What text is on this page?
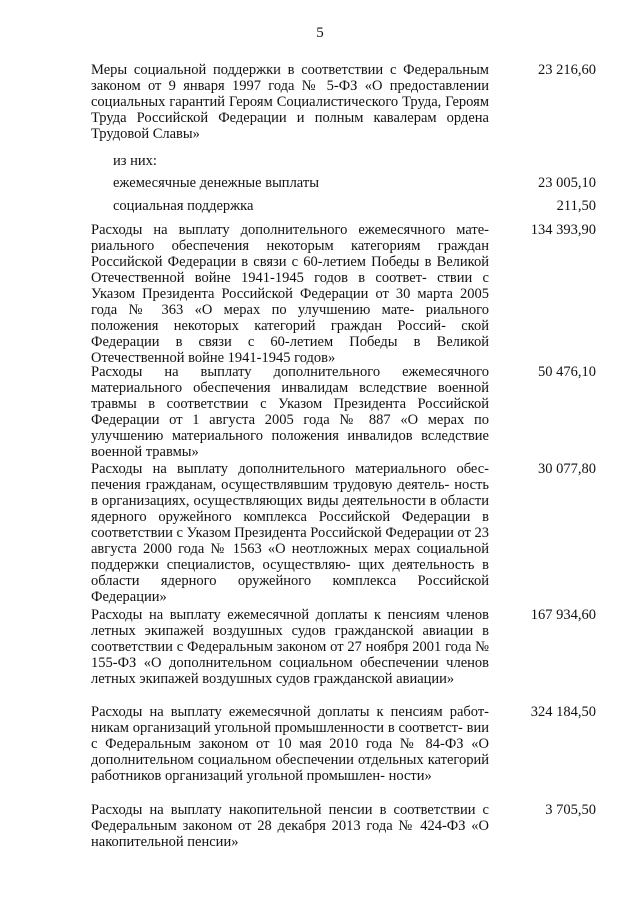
5
Меры социальной поддержки в соответствии с Федеральным законом от 9 января 1997 года № 5-ФЗ «О предоставлении социальных гарантий Героям Социалистического Труда, Героям Труда Российской Федерации и полным кавалерам ордена Трудовой Славы»
23 216,60
из них:
ежемесячные денежные выплаты	23 005,10
социальная поддержка	211,50
Расходы на выплату дополнительного ежемесячного мате- риального обеспечения некоторым категориям граждан Российской Федерации в связи с 60-летием Победы в Великой Отечественной войне 1941-1945 годов в соответ- ствии с Указом Президента Российской Федерации от 30 марта 2005 года № 363 «О мерах по улучшению мате- риального положения некоторых категорий граждан Россий- ской Федерации в связи с 60-летием Победы в Великой Отечественной войне 1941-1945 годов»
134 393,90
Расходы на выплату дополнительного ежемесячного материального обеспечения инвалидам вследствие военной травмы в соответствии с Указом Президента Российской Федерации от 1 августа 2005 года № 887 «О мерах по улучшению материального положения инвалидов вследствие военной травмы»
50 476,10
Расходы на выплату дополнительного материального обес- печения гражданам, осуществлявшим трудовую деятель- ность в организациях, осуществляющих виды деятельности в области ядерного оружейного комплекса Российской Федерации в соответствии с Указом Президента Российской Федерации от 23 августа 2000 года № 1563 «О неотложных мерах социальной поддержки специалистов, осуществляю- щих деятельность в области ядерного оружейного комплекса Российской Федерации»
30 077,80
Расходы на выплату ежемесячной доплаты к пенсиям членов летных экипажей воздушных судов гражданской авиации в соответствии с Федеральным законом от 27 ноября 2001 года № 155-ФЗ «О дополнительном социальном обеспечении членов летных экипажей воздушных судов гражданской авиации»
167 934,60
Расходы на выплату ежемесячной доплаты к пенсиям работ- никам организаций угольной промышленности в соответст- вии с Федеральным законом от 10 мая 2010 года № 84-ФЗ «О дополнительном социальном обеспечении отдельных категорий работников организаций угольной промышлен- ности»
324 184,50
Расходы на выплату накопительной пенсии в соответствии с Федеральным законом от 28 декабря 2013 года № 424-ФЗ «О накопительной пенсии»
3 705,50
